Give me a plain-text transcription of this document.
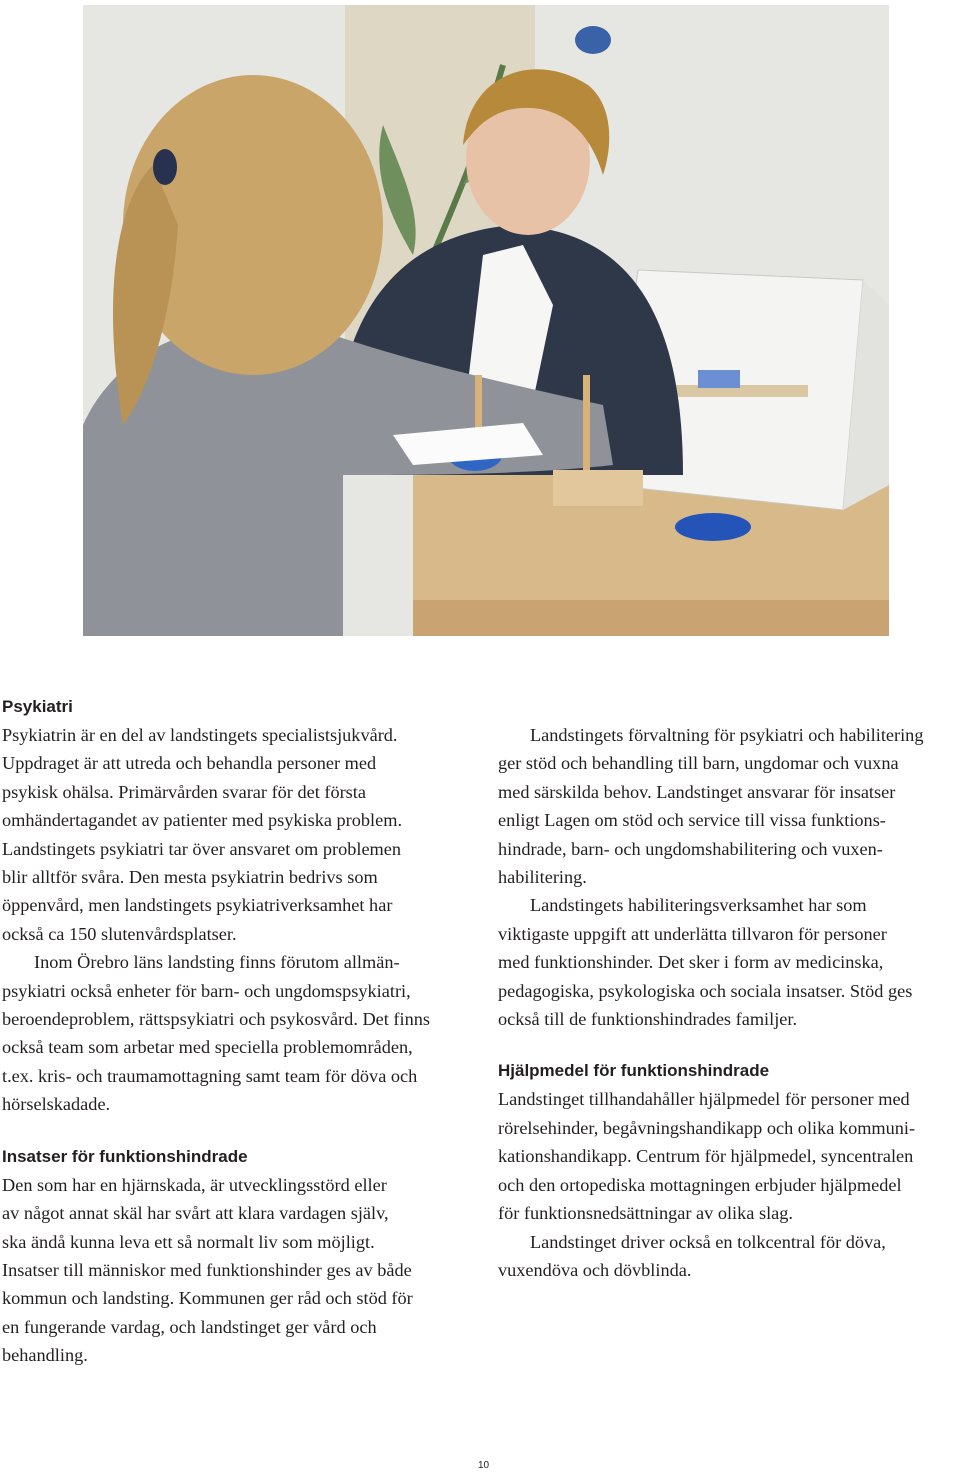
Psykiatri

Psykiatrin är en del av landstingets specialistsjukvård.
Uppdraget är att utreda och behandla personer med
psykisk ohälsa. Primärvården svarar för det första
omhändertagandet av patienter med psykiska problem.
Landstingets psykiatri tar över ansvaret om problemen
blir alltför svåra. Den mesta psykiatrin bedrivs som
öppenvård, men landstingets psykiatriverksamhet har
också ca 150 slutenvårdsplatser.

Inom Örebro läns landsting finns förutom allmän-
psykiatri också enheter för barn- och ungdomspsykiatri,
beroendeproblem, rättspsykiatri och psykosvård. Det finns
också team som arbetar med speciella problemområden,
t.ex. kris- och traumamottagning samt team för döva och
hörselskadade.

Insatser för funktionshindrade

Den som har en hjärnskada, är utvecklingsstörd eller
av något annat skäl har svårt att klara vardagen själv,
ska ändå kunna leva ett så normalt liv som möjligt.
Insatser till människor med funktionshinder ges av både
kommun och landsting. Kommunen ger råd och stöd för
en fungerande vardag, och landstinget ger vård och
behandling.

Landstingets förvaltning för psykiatri och habilitering
ger stöd och behandling till barn, ungdomar och vuxna
med särskilda behov. Landstinget ansvarar för insatser
enligt Lagen om stöd och service till vissa funktions-
hindrade, barn- och ungdomshabilitering och vuxen-
habilitering.

Landstingets habiliteringsverksamhet har som
viktigaste uppgift att underlätta tillvaron för personer
med funktionshinder. Det sker i form av medicinska,
pedagogiska, psykologiska och sociala insatser. Stöd ges
också till de funktionshindrades familjer.

Hjälpmedel för funktionshindrade

Landstinget tillhandahåller hjälpmedel för personer med
rörelsehinder, begåvningshandikapp och olika kommuni-
kationshandikapp. Centrum för hjälpmedel, syncentralen
och den ortopediska mottagningen erbjuder hjälpmedel
för funktionsnedsättningar av olika slag.

Landstinget driver också en tolkcentral för döva,
vuxendöva och dövblinda.

10
